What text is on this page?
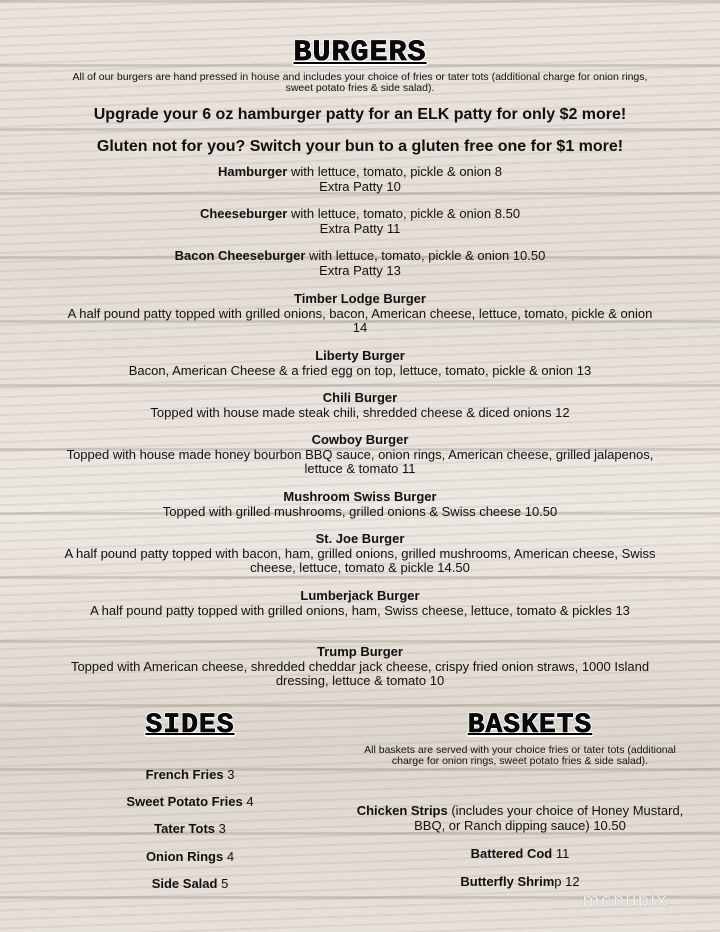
BURGERS
All of our burgers are hand pressed in house and includes your choice of fries or tater tots (additional charge for onion rings, sweet potato fries & side salad).
Upgrade your 6 oz hamburger patty for an ELK patty for only $2 more!
Gluten not for you? Switch your bun to a gluten free one for $1 more!
Hamburger with lettuce, tomato, pickle & onion 8
Extra Patty 10
Cheeseburger with lettuce, tomato, pickle & onion 8.50
Extra Patty 11
Bacon Cheeseburger with lettuce, tomato, pickle & onion 10.50
Extra Patty 13
Timber Lodge Burger
A half pound patty topped with grilled onions, bacon, American cheese, lettuce, tomato, pickle & onion 14
Liberty Burger
Bacon, American Cheese & a fried egg on top, lettuce, tomato, pickle & onion 13
Chili Burger
Topped with house made steak chili, shredded cheese & diced onions 12
Cowboy Burger
Topped with house made honey bourbon BBQ sauce, onion rings, American cheese, grilled jalapenos, lettuce & tomato 11
Mushroom Swiss Burger
Topped with grilled mushrooms, grilled onions & Swiss cheese 10.50
St. Joe Burger
A half pound patty topped with bacon, ham, grilled onions, grilled mushrooms, American cheese, Swiss cheese, lettuce, tomato & pickle 14.50
Lumberjack Burger
A half pound patty topped with grilled onions, ham, Swiss cheese, lettuce, tomato & pickles 13
Trump Burger
Topped with American cheese, shredded cheddar jack cheese, crispy fried onion straws, 1000 Island dressing, lettuce & tomato 10
SIDES
French Fries 3
Sweet Potato Fries 4
Tater Tots 3
Onion Rings 4
Side Salad 5
BASKETS
All baskets are served with your choice fries or tater tots (additional charge for onion rings, sweet potato fries & side salad).
Chicken Strips (includes your choice of Honey Mustard, BBQ, or Ranch dipping sauce) 10.50
Battered Cod 11
Butterfly Shrimp 12
menupix
